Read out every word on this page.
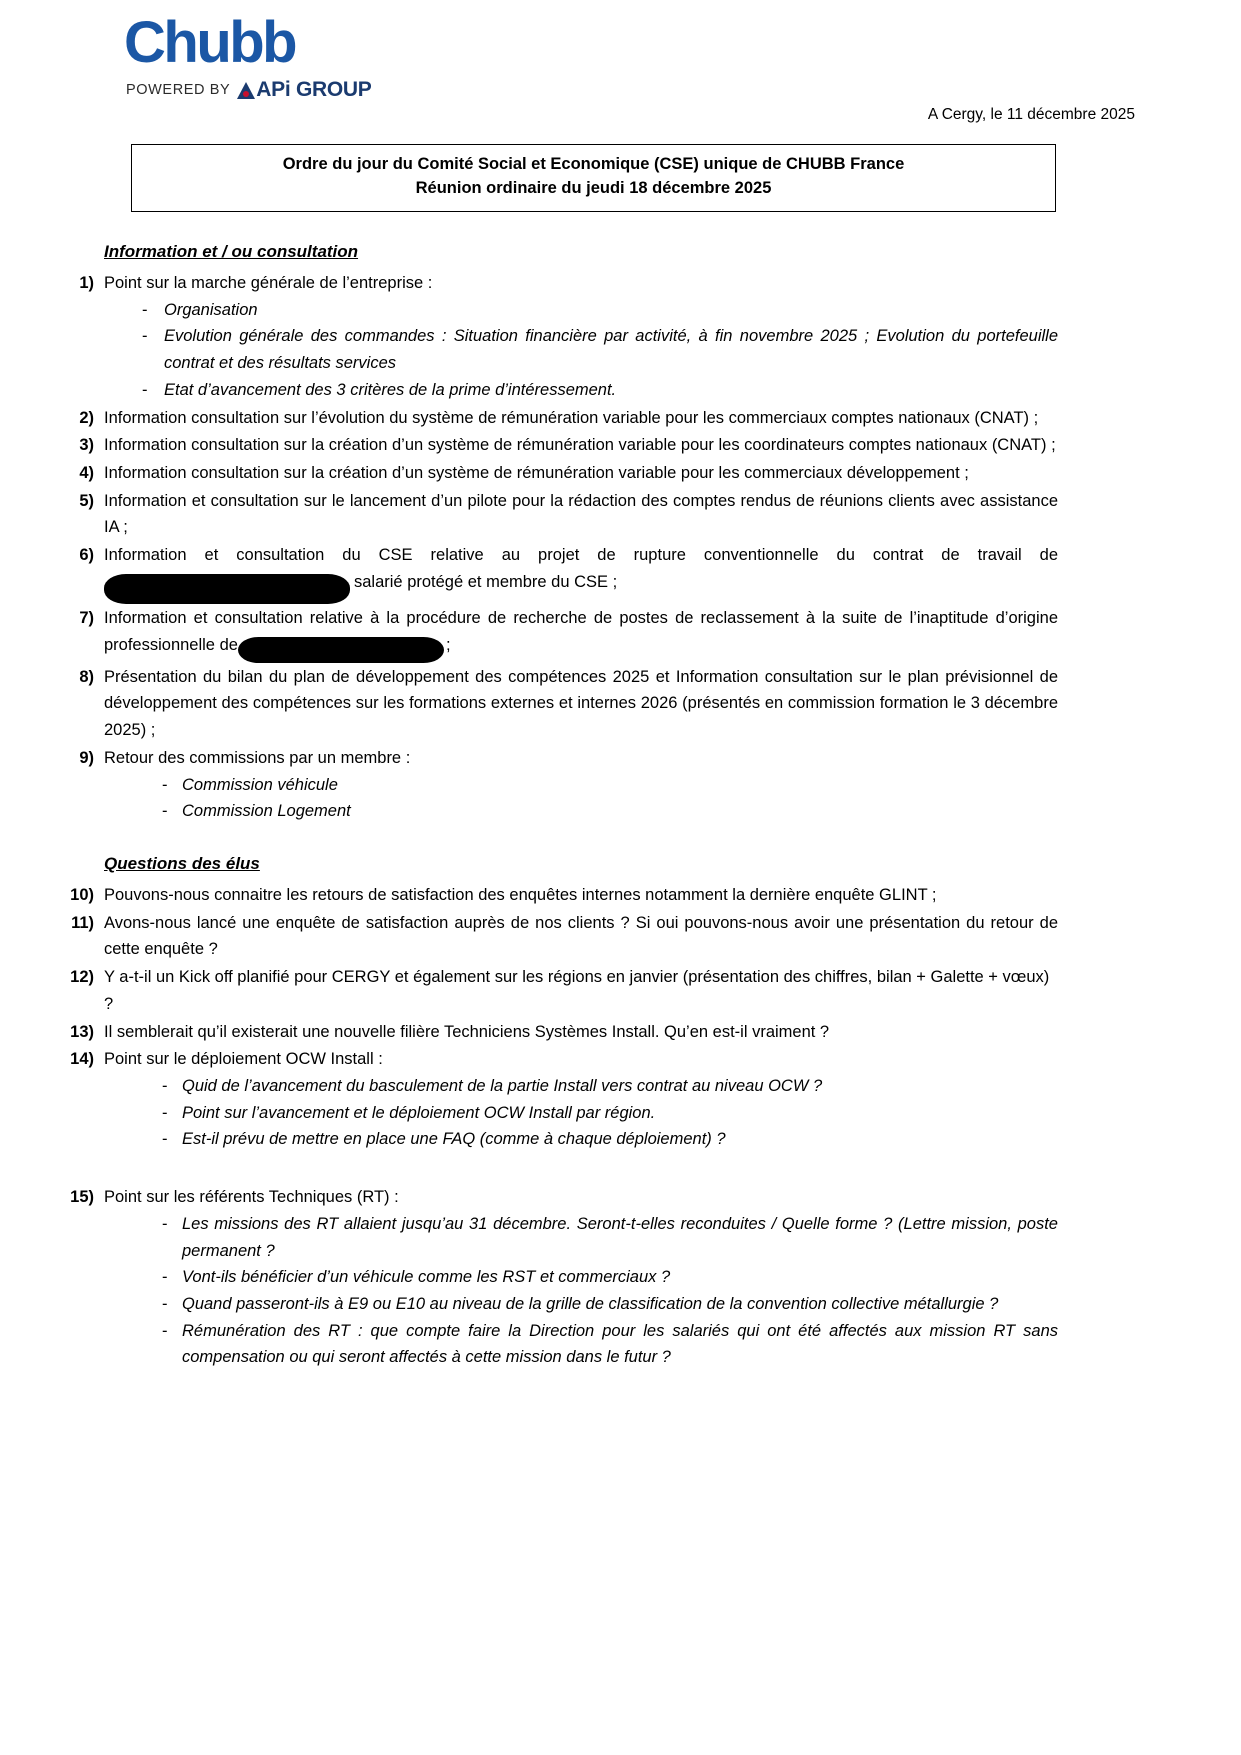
Chubb
POWERED BY APi GROUP
A Cergy, le 11 décembre 2025
Ordre du jour du Comité Social et Economique (CSE) unique de CHUBB France
Réunion ordinaire du jeudi 18 décembre 2025
Information et / ou consultation
1) Point sur la marche générale de l’entreprise :
- Organisation
- Evolution générale des commandes : Situation financière par activité, à fin novembre 2025 ; Evolution du portefeuille contrat et des résultats services
- Etat d’avancement des 3 critères de la prime d’intéressement.
2) Information consultation sur l’évolution du système de rémunération variable pour les commerciaux comptes nationaux (CNAT) ;
3) Information consultation sur la création d’un système de rémunération variable pour les coordinateurs comptes nationaux (CNAT) ;
4) Information consultation sur la création d’un système de rémunération variable pour les commerciaux développement ;
5) Information et consultation sur le lancement d’un pilote pour la rédaction des comptes rendus de réunions clients avec assistance IA ;
6) Information et consultation du CSE relative au projet de rupture conventionnelle du contrat de travail de  salarié protégé et membre du CSE ;
7) Information et consultation relative à la procédure de recherche de postes de reclassement à la suite de l’inaptitude d’origine professionnelle de	;
8) Présentation du bilan du plan de développement des compétences 2025 et Information consultation sur le plan prévisionnel de développement des compétences sur les formations externes et internes 2026 (présentés en commission formation le 3 décembre 2025) ;
9) Retour des commissions par un membre :
- Commission véhicule
- Commission Logement
Questions des élus
10) Pouvons-nous connaitre les retours de satisfaction des enquêtes internes notamment la dernière enquête GLINT ;
11) Avons-nous lancé une enquête de satisfaction auprès de nos clients ? Si oui pouvons-nous avoir une présentation du retour de cette enquête ?
12) Y a-t-il un Kick off planifié pour CERGY et également sur les régions en janvier (présentation des chiffres, bilan + Galette + vœux) ?
13) Il semblerait qu’il existerait une nouvelle filière Techniciens Systèmes Install. Qu’en est-il vraiment ?
14) Point sur le déploiement OCW Install :
- Quid de l’avancement du basculement de la partie Install vers contrat au niveau OCW ?
- Point sur l’avancement et le déploiement OCW Install par région.
- Est-il prévu de mettre en place une FAQ (comme à chaque déploiement) ?
15) Point sur les référents Techniques (RT) :
- Les missions des RT allaient jusqu’au 31 décembre. Seront-t-elles reconduites / Quelle forme ? (Lettre mission, poste permanent ?
- Vont-ils bénéficier d’un véhicule comme les RST et commerciaux ?
- Quand passeront-ils à E9 ou E10 au niveau de la grille de classification de la convention collective métallurgie ?
- Rémunération des RT : que compte faire la Direction pour les salariés qui ont été affectés aux mission RT sans compensation ou qui seront affectés à cette mission dans le futur ?
